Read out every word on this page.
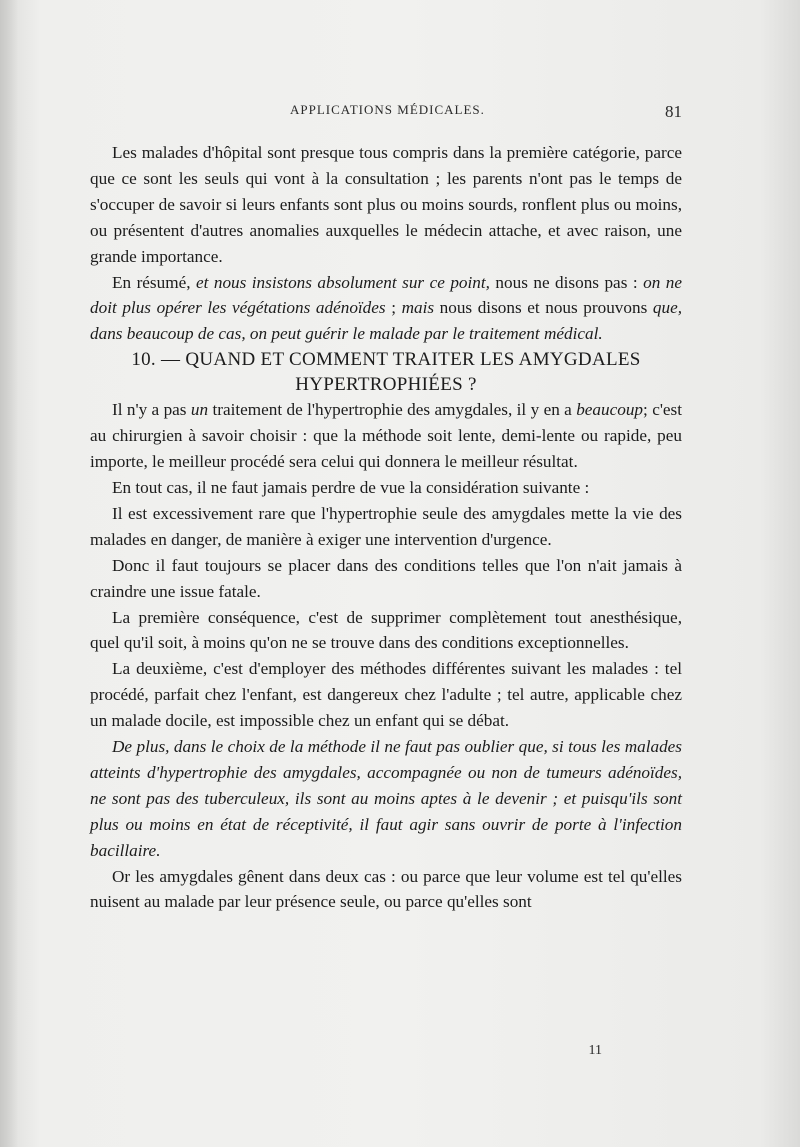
APPLICATIONS MÉDICALES.	81

Les malades d'hôpital sont presque tous compris dans la première catégorie, parce que ce sont les seuls qui vont à la consultation ; les parents n'ont pas le temps de s'occuper de savoir si leurs enfants sont plus ou moins sourds, ronflent plus ou moins, ou présentent d'autres anomalies auxquelles le médecin attache, et avec raison, une grande importance.

En résumé, et nous insistons absolument sur ce point, nous ne disons pas : on ne doit plus opérer les végétations adénoïdes ; mais nous disons et nous prouvons que, dans beaucoup de cas, on peut guérir le malade par le traitement médical.

10. — QUAND ET COMMENT TRAITER LES AMYGDALES
HYPERTROPHIÉES ?

Il n'y a pas un traitement de l'hypertrophie des amygdales, il y en a beaucoup; c'est au chirurgien à savoir choisir : que la méthode soit lente, demi-lente ou rapide, peu importe, le meilleur procédé sera celui qui donnera le meilleur résultat.

En tout cas, il ne faut jamais perdre de vue la considération suivante :

Il est excessivement rare que l'hypertrophie seule des amygdales mette la vie des malades en danger, de manière à exiger une intervention d'urgence.

Donc il faut toujours se placer dans des conditions telles que l'on n'ait jamais à craindre une issue fatale.

La première conséquence, c'est de supprimer complètement tout anesthésique, quel qu'il soit, à moins qu'on ne se trouve dans des conditions exceptionnelles.

La deuxième, c'est d'employer des méthodes différentes suivant les malades : tel procédé, parfait chez l'enfant, est dangereux chez l'adulte ; tel autre, applicable chez un malade docile, est impossible chez un enfant qui se débat.

De plus, dans le choix de la méthode il ne faut pas oublier que, si tous les malades atteints d'hypertrophie des amygdales, accompagnée ou non de tumeurs adénoïdes, ne sont pas des tuberculeux, ils sont au moins aptes à le devenir ; et puisqu'ils sont plus ou moins en état de réceptivité, il faut agir sans ouvrir de porte à l'infection bacillaire.

Or les amygdales gênent dans deux cas : ou parce que leur volume est tel qu'elles nuisent au malade par leur présence seule, ou parce qu'elles sont

11
